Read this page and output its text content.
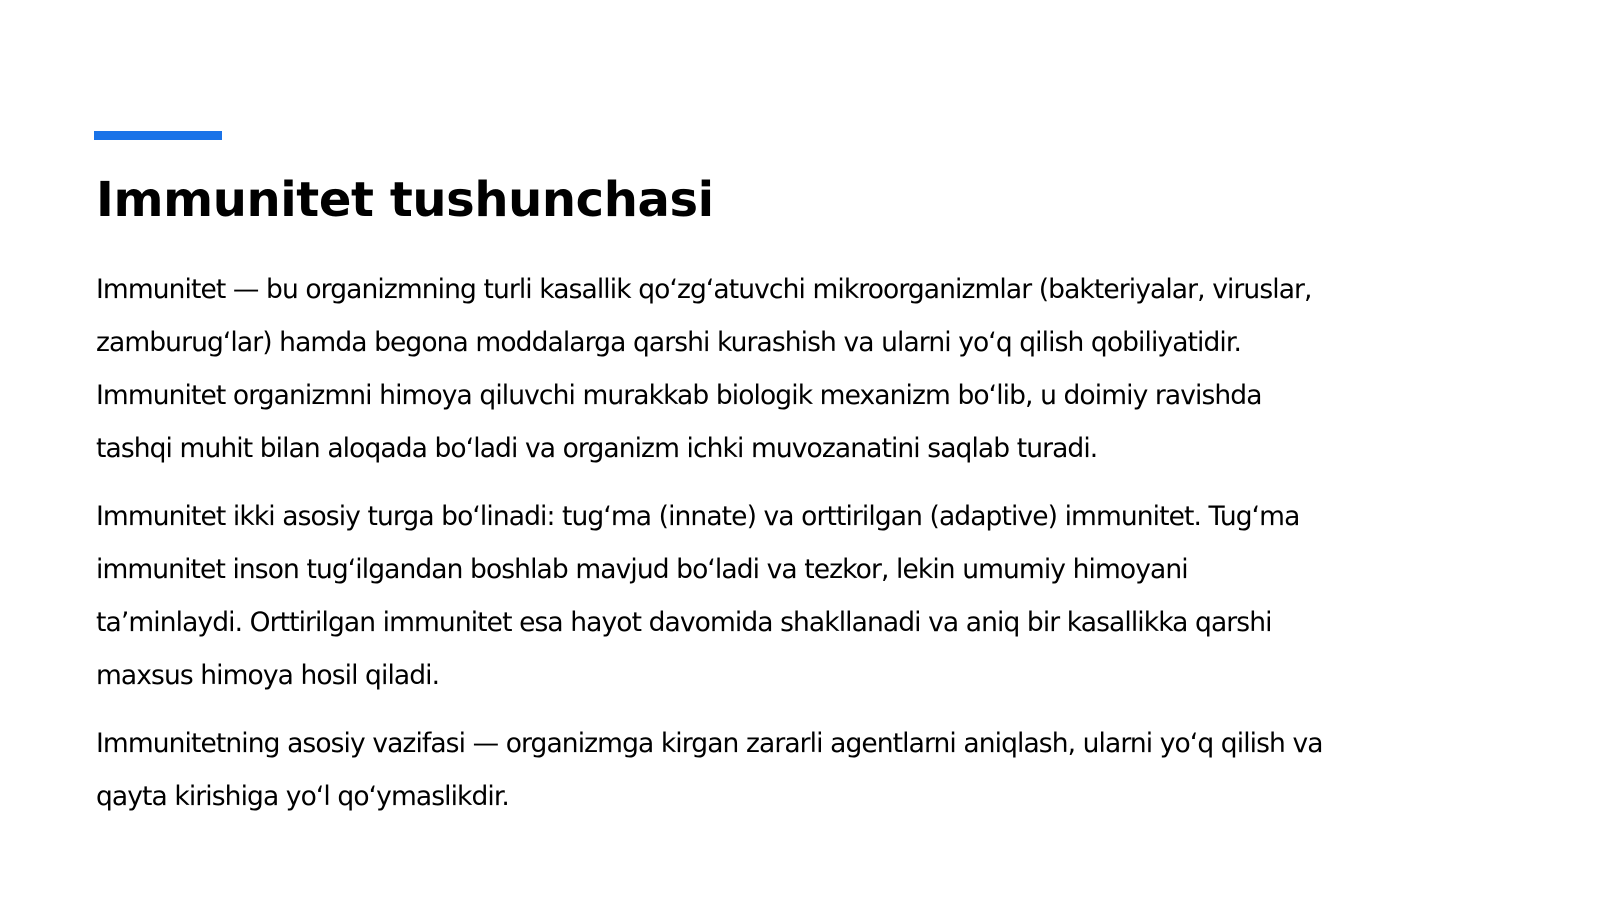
Immunitet tushunchasi

Immunitet — bu organizmning turli kasallik qo‘zg‘atuvchi mikroorganizmlar (bakteriyalar, viruslar,
zamburug‘lar) hamda begona moddalarga qarshi kurashish va ularni yo‘q qilish qobiliyatidir.
Immunitet organizmni himoya qiluvchi murakkab biologik mexanizm bo‘lib, u doimiy ravishda
tashqi muhit bilan aloqada bo‘ladi va organizm ichki muvozanatini saqlab turadi.

Immunitet ikki asosiy turga bo‘linadi: tug‘ma (innate) va orttirilgan (adaptive) immunitet. Tug‘ma
immunitet inson tug‘ilgandan boshlab mavjud bo‘ladi va tezkor, lekin umumiy himoyani
ta’minlaydi. Orttirilgan immunitet esa hayot davomida shakllanadi va aniq bir kasallikka qarshi
maxsus himoya hosil qiladi.

Immunitetning asosiy vazifasi — organizmga kirgan zararli agentlarni aniqlash, ularni yo‘q qilish va
qayta kirishiga yo‘l qo‘ymaslikdir.
